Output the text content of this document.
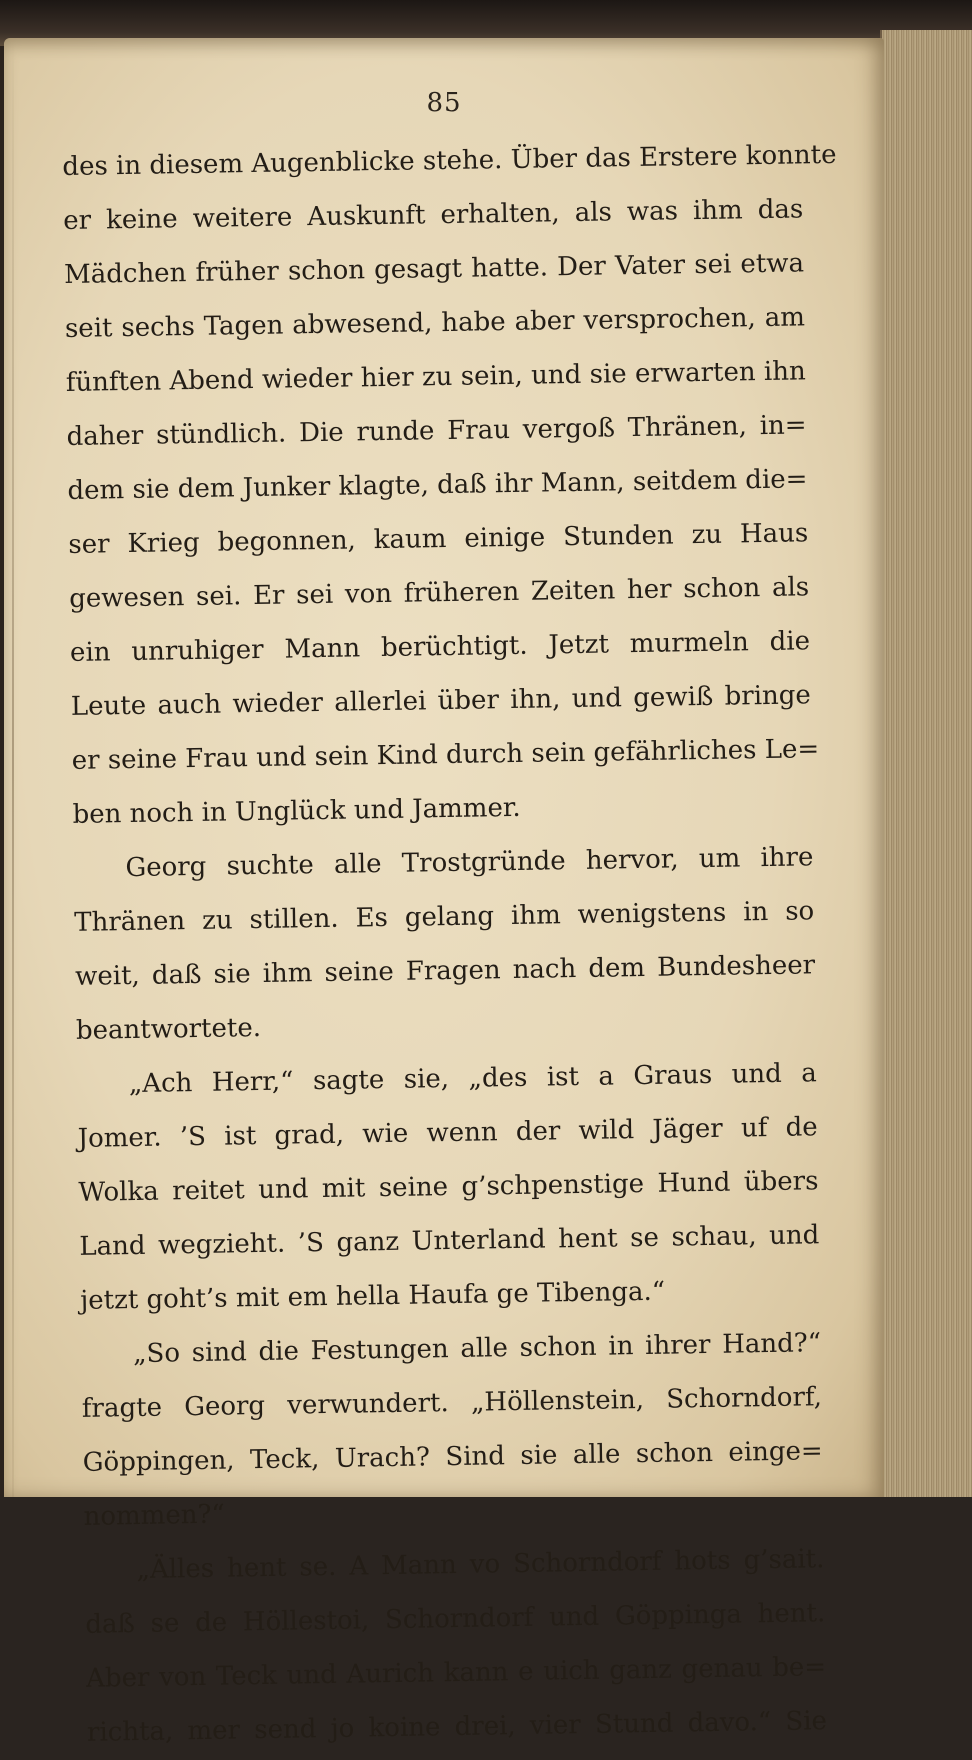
85
des in diesem Augenblicke stehe. Über das Erstere konnte
er keine weitere Auskunft erhalten, als was ihm das
Mädchen früher schon gesagt hatte. Der Vater sei etwa
seit sechs Tagen abwesend, habe aber versprochen, am
fünften Abend wieder hier zu sein, und sie erwarten ihn
daher stündlich. Die runde Frau vergoß Thränen, in=
dem sie dem Junker klagte, daß ihr Mann, seitdem die=
ser Krieg begonnen, kaum einige Stunden zu Haus
gewesen sei. Er sei von früheren Zeiten her schon als
ein unruhiger Mann berüchtigt. Jetzt murmeln die
Leute auch wieder allerlei über ihn, und gewiß bringe
er seine Frau und sein Kind durch sein gefährliches Le=
ben noch in Unglück und Jammer.
Georg suchte alle Trostgründe hervor, um ihre
Thränen zu stillen. Es gelang ihm wenigstens in so
weit, daß sie ihm seine Fragen nach dem Bundesheer
beantwortete.
„Ach Herr,“ sagte sie, „des ist a Graus und a
Jomer. ’S ist grad, wie wenn der wild Jäger uf de
Wolka reitet und mit seine g’schpenstige Hund übers
Land wegzieht. ’S ganz Unterland hent se schau, und
jetzt goht’s mit em hella Haufa ge Tibenga.“
„So sind die Festungen alle schon in ihrer Hand?“
fragte Georg verwundert. „Höllenstein, Schorndorf,
Göppingen, Teck, Urach? Sind sie alle schon einge=
nommen?“
„Älles hent se. A Mann vo Schorndorf hots g’sait.
daß se de Höllestoi, Schorndorf und Göppinga hent.
Aber von Teck und Aurich kann e uich ganz genau be=
richta, mer send jo koine drei, vier Stund davo.“ Sie
